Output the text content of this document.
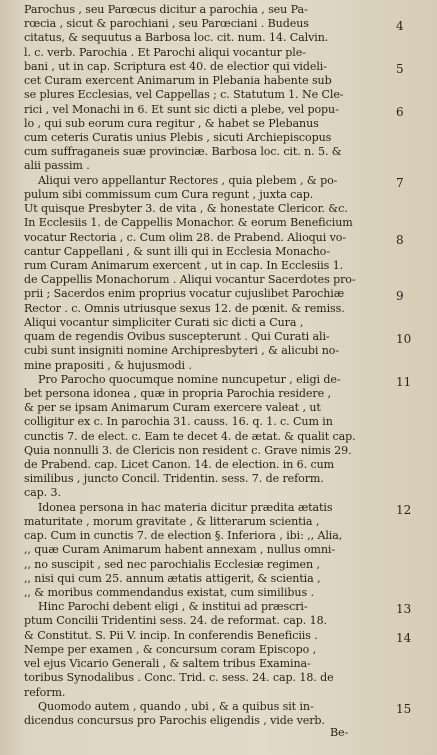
Parochus , seu Parœcus dicitur a parochia , seu Pa-
rœcia , sicut & parochiani , seu Parœciani . Budeus
citatus, & sequutus a Barbosa loc. cit. num. 14. Calvin.
l. c. verb. Parochia . Et Parochi aliqui vocantur ple-
bani , ut in cap. Scriptura est 40. de electior qui videli-
cet Curam exercent Animarum in Plebania habente sub
se plures Ecclesias, vel Cappellas ; c. Statutum 1. Ne Cle-
rici , vel Monachi in 6. Et sunt sic dicti a plebe, vel popu-
lo , qui sub eorum cura regitur , & habet se Plebanus
cum ceteris Curatis unius Plebis , sicuti Archiepiscopus
cum suffraganeis suæ provinciæ. Barbosa loc. cit. n. 5. &
alii passim .
Aliqui vero appellantur Rectores , quia plebem , & po-
pulum sibi commissum cum Cura regunt , juxta cap.
Ut quisque Presbyter 3. de vita , & honestate Clericor. &c.
In Ecclesiis 1. de Cappellis Monachor. & eorum Beneficium
vocatur Rectoria , c. Cum olim 28. de Prabend. Alioqui vo-
cantur Cappellani , & sunt illi qui in Ecclesia Monacho-
rum Curam Animarum exercent , ut in cap. In Ecclesiis 1.
de Cappellis Monachorum . Aliqui vocantur Sacerdotes pro-
prii ; Sacerdos enim proprius vocatur cujuslibet Parochiæ
Rector . c. Omnis utriusque sexus 12. de pœnit. & remiss.
Aliqui vocantur simpliciter Curati sic dicti a Cura ,
quam de regendis Ovibus suscepterunt . Qui Curati ali-
cubi sunt insigniti nomine Archipresbyteri , & alicubi no-
mine prapositi , & hujusmodi .
Pro Parocho quocumque nomine nuncupetur , eligi de-
bet persona idonea , quæ in propria Parochia residere ,
& per se ipsam Animarum Curam exercere valeat , ut
colligitur ex c. In parochia 31. causs. 16. q. 1. c. Cum in
cunctis 7. de elect. c. Eam te decet 4. de ætat. & qualit cap.
Quia nonnulli 3. de Clericis non resident c. Grave nimis 29.
de Prabend. cap. Licet Canon. 14. de election. in 6. cum
similibus , juncto Concil. Tridentin. sess. 7. de reform.
cap. 3.
Idonea persona in hac materia dicitur prædita ætatis
maturitate , morum gravitate , & litterarum scientia ,
cap. Cum in cunctis 7. de election §. Inferiora , ibi: ,, Alia,
,, quæ Curam Animarum habent annexam , nullus omni-
,, no suscipit , sed nec parochialis Ecclesiæ regimen ,
,, nisi qui cum 25. annum ætatis attigerit, & scientia ,
,, & moribus commendandus existat, cum similibus .
Hinc Parochi debent eligi , & institui ad præscri-
ptum Concilii Tridentini sess. 24. de reformat. cap. 18.
& Constitut. S. Pii V. incip. In conferendis Beneficiis .
Nempe per examen , & concursum coram Episcopo ,
vel ejus Vicario Generali , & saltem tribus Examina-
toribus Synodalibus . Conc. Trid. c. sess. 24. cap. 18. de
reform.
Quomodo autem , quando , ubi , & a quibus sit in-
dicendus concursus pro Parochis eligendis , vide verb.
4
5
6
7
8
9
10
11
12
13
14
15
Be-
